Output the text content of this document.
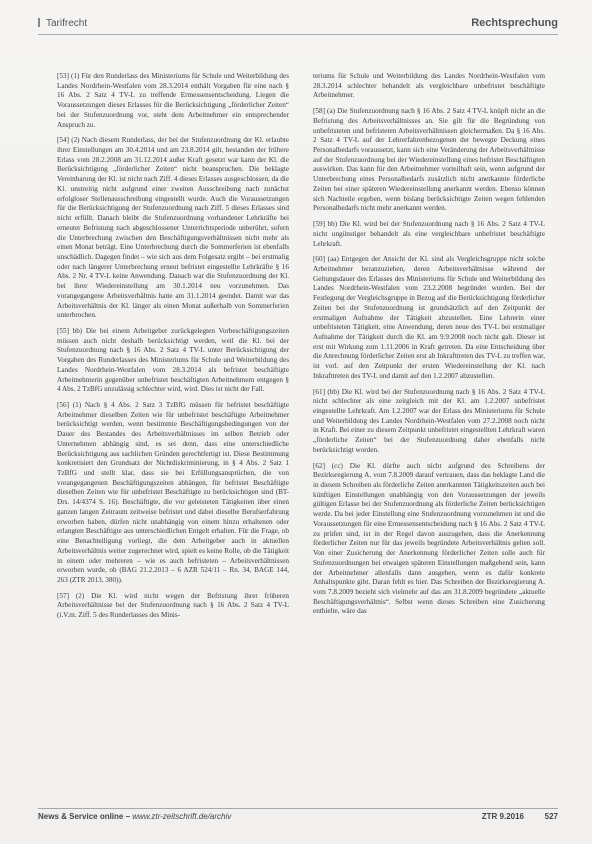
Tarifrecht	Rechtsprechung

[53] (1) Für den Runderlass des Ministeriums für Schule und Weiterbildung des Landes Nordrhein-Westfalen vom 28.3.2014 enthält Vorgaben für eine nach § 16 Abs. 2 Satz 4 TV-L zu treffende Ermessensentscheidung. Liegen die Voraussetzungen dieses Erlasses für die Berücksichtigung „förderlicher Zeiten“ bei der Stufenzuordnung vor, steht dem Arbeitnehmer ein entsprechender Anspruch zu.

[54] (2) Nach diesem Runderlass, der bei der Stufenzuordnung der Kl. erlaubte ihrer Einstellungen am 30.4.2014 und am 23.8.2014 gilt, bestanden der frühere Erlass vom 28.2.2008 am 31.12.2014 außer Kraft gesetzt war kann der Kl. die Berücksichtigung „förderlicher Zeiten“ nicht beanspruchen. Die beklagte Vereinbarung der Kl. ist nicht nach Ziff. 4 dieses Erlasses ausgeschlossen, da die Kl. unstreitig nicht aufgrund einer zweiten Ausschreibung nach zunächst erfolgloser Stellenausschreibung eingestellt wurde. Auch die Voraussetzungen für die Berücksichtigung der Stufenzuordnung nach Ziff. 5 dieses Erlasses sind nicht erfüllt. Danach bleibt die Stufenzuordnung vorhandener Lehrkräfte bei erneuter Befristung nach abgeschlossener Unterrichtsperiode unberührt, sofern die Unterbrechung zwischen den Beschäftigungsverhältnissen nicht mehr als einen Monat beträgt. Eine Unterbrechung durch die Sommerferien ist ebenfalls unschädlich. Dagegen findet – wie sich aus dem Folgesatz ergibt – bei erstmalig oder nach längerer Unterbrechung erneut befristet eingestellte Lehrkräfte § 16 Abs. 2 Nr. 4 TV-L keine Anwendung. Danach war die Stufenzuordnung der Kl. bei ihrer Wiedereinstellung am 30.1.2014 neu vorzunehmen. Das vorangegangene Arbeitsverhältnis hatte am 31.1.2014 geendet. Damit war das Arbeitsverhältnis der Kl. länger als einen Monat außerhalb von Sommerferien unterbrochen.

[55] bb) Die bei einem Arbeitgeber zurückgelegten Vorbeschäftigungszeiten müssen auch nicht deshalb berücksichtigt werden, weil die Kl. bei der Stufenzuordnung nach § 16 Abs. 2 Satz 4 TV-L unter Berücksichtigung der Vorgaben des Runderlasses des Ministeriums für Schule und Weiterbildung des Landes Nordrhein-Westfalen vom 28.3.2014 als befristet beschäftigte Arbeitnehmerin gegenüber unbefristet beschäftigten Arbeitnehmern entgegen § 4 Abs. 2 TzBfG unzulässig schlechter wird, wird. Dies ist nicht der Fall.

[56] (1) Nach § 4 Abs. 2 Satz 3 TzBfG müssen für befristet beschäftigte Arbeitnehmer dieselben Zeiten wie für unbefristet beschäftigte Arbeitnehmer berücksichtigt werden, wenn bestimmte Beschäftigungsbedingungen von der Dauer des Bestandes des Arbeitsverhältnisses im selben Betrieb oder Unternehmen abhängig sind, es sei denn, dass eine unterschiedliche Berücksichtigung aus sachlichen Gründen gerechtfertigt ist. Diese Bestimmung konkretisiert den Grundsatz der Nichtdiskriminierung, in § 4 Abs. 2 Satz 1 TzBfG und stellt klar, dass sie bei Erfüllungsansprüchen, die von vorangegangenen Beschäftigungszeiten abhängen, für befristet Beschäftigte dieselben Zeiten wie für unbefristet Beschäftigte zu berücksichtigen sind (BT-Drs. 14/4374 S. 16). Beschäftigte, die vor geleisteten Tätigkeiten über einen ganzen langen Zeitraum zeitweise befristet und dabei dieselbe Berufserfahrung erworben haben, dürfen nicht unabhängig von einem hinzu erhaltenen oder erlangten Beschäftigte aus unterschiedlichen Entgelt erhalten. Für die Frage, ob eine Benachteiligung vorliegt, die dem Arbeitgeber auch in aktuellen Arbeitsverhältnis weiter zugerechnet wird, spielt es keine Rolle, ob die Tätigkeit in einem oder mehreren – wie es auch befristeten – Arbeitsverhältnissen erworben wurde, ob (BAG 21.2.2013 – 6 AZR 524/11 – Rn. 34, BAGE 144, 263 (ZTR 2013, 380)).

[57] (2) Die Kl. wird nicht wegen der Befristung ihrer früheren Arbeitsverhältnisse bei der Stufenzuordnung nach § 16 Abs. 2 Satz 4 TV-L (i.V.m. Ziff. 5 des Runderlasses des Minis-

teriums für Schule und Weiterbildung des Landes Nordrhein-Westfalen vom 28.3.2014 schlechter behandelt als vergleichbare unbefristet beschäftigte Arbeitnehmer.

[58] (a) Die Stufenzuordnung nach § 16 Abs. 2 Satz 4 TV-L knüpft nicht an die Befristung des Arbeitsverhältnisses an. Sie gilt für die Begründung von unbefristeten und befristeten Arbeitsverhältnissen gleichermaßen. Da § 16 Abs. 2 Satz 4 TV-L auf der Lehrerfahrenbezogenen der bewegte Deckung eines Personalbedarfs voraussetzt, kann sich eine Veränderung der Arbeitsverhältnisse auf der Stufenzuordnung bei der Wiedereinstellung eines befristet Beschäftigten auswirken. Das kann für den Arbeitnehmer vorteilhaft sein, wenn aufgrund der Unterbrechung eines Personalbedarfs zusätzlich nicht anerkannte förderliche Zeiten bei einer späteren Wiedereinstellung anerkannt werden. Ebenso können sich Nachteile ergeben, wenn bislang berücksichtigte Zeiten wegen fehlenden Personalbedarfs nicht mehr anerkannt werden.

[59] bb) Die Kl. wird bei der Stufenzuordnung nach § 16 Abs. 2 Satz 4 TV-L nicht ungünstiger behandelt als eine vergleichbare unbefristet beschäftigte Lehrkraft.

[60] (aa) Entgegen der Ansicht der Kl. sind als Vergleichsgruppe nicht solche Arbeitnehmer heranzuziehen, deren Arbeitsverhältnisse während der Geltungsdauer des Erlasses des Ministeriums für Schule und Weiterbildung des Landes Nordrhein-Westfalen vom 23.2.2008 begründet wurden. Bei der Festlegung der Vergleichsgruppe in Bezug auf die Berücksichtigung förderlicher Zeiten bei der Stufenzuordnung ist grundsätzlich auf den Zeitpunkt der erstmaligen Aufnahme der Tätigkeit abzustellen. Eine Lehrerin einer unbefristeten Tätigkeit, eine Anwendung, deren neue des TV-L bei erstmaliger Aufnahme der Tätigkeit durch die Kl. am 9.9.2008 noch nicht galt. Dieser ist erst mit Wirkung zum 1.11.2006 in Kraft getreten. Da eine Entscheidung über die Anrechnung förderlicher Zeiten erst ab Inkrafttreten des TV-L zu treffen war, ist vorl. auf den Zeitpunkt der ersten Wiedereinstellung der Kl. nach Inkrafttreten des TV-L und damit auf den 1.2.2007 abzustellen.

[61] (bb) Die Kl. wird bei der Stufenzuordnung nach § 16 Abs. 2 Satz 4 TV-L nicht schlechter als eine zeitgleich mit der Kl. am 1.2.2007 unbefristet eingestellte Lehrkraft. Am 1.2.2007 war der Erlass des Ministeriums für Schule und Weiterbildung des Landes Nordrhein-Westfalen vom 27.2.2008 noch nicht in Kraft. Bei einer zu diesem Zeitpunkt unbefristet eingestellten Lehrkraft waren „förderliche Zeiten“ bei der Stufenzuordnung daher ebenfalls nicht berücksichtigt worden.

[62] (cc) Die Kl. dürfte auch nicht aufgrund des Schreibens der Bezirksregierung A. vom 7.8.2009 darauf vertrauen, dass das beklagte Land die in diesem Schreiben als förderliche Zeiten anerkannten Tätigkeitszeiten auch bei künftigen Einstellungen unabhängig von den Voraussetzungen der jeweils gültigen Erlasse bei der Stufenzuordnung als förderliche Zeiten berücksichtigen werde. Da bei jeder Einstellung eine Stufenzuordnung vorzunehmen ist und die Voraussetzungen für eine Ermessensentscheidung nach § 16 Abs. 2 Satz 4 TV-L zu prüfen sind, ist in der Regel davon auszugehen, dass die Anerkennung förderlicher Zeiten nur für das jeweils begründete Arbeitsverhältnis gelten soll. Von einer Zusicherung der Anerkennung förderlicher Zeiten solle auch für Stufenzuordnungen bei etwaigen späteren Einstellungen maßgebend sein, kann der Arbeitnehmer allenfalls dann ausgehen, wenn es dafür konkrete Anhaltspunkte gibt. Daran fehlt es hier. Das Schreiben der Bezirksregierung A. vom 7.8.2009 bezieht sich vielmehr auf das am 31.8.2009 begründete „aktuelle Beschäftigungsverhältnis“. Selbst wenn dieses Schreiben eine Zusicherung enthielte, wäre das

News & Service online – www.ztr-zeitschrift.de/archiv	ZTR 9.2016	527
